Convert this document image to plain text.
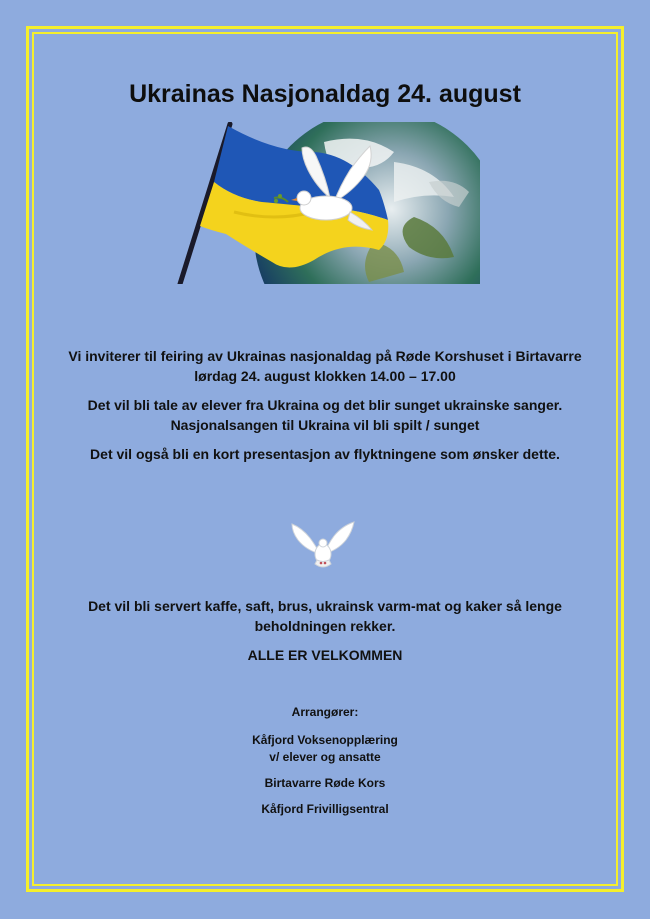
Ukrainas Nasjonaldag 24. august

Vi inviterer til feiring av Ukrainas nasjonaldag på Røde Korshuset i Birtavarre

lørdag 24. august klokken 14.00 – 17.00

Det vil bli tale av elever fra Ukraina og det blir sunget ukrainske sanger.

Nasjonalsangen til Ukraina vil bli spilt / sunget

Det vil også bli en kort presentasjon av flyktningene som ønsker dette.

Det vil bli servert kaffe, saft, brus, ukrainsk varm-mat og kaker så lenge

beholdningen rekker.

ALLE ER VELKOMMEN

Arrangører:

Kåfjord Voksenopplæring

v/ elever og ansatte

Birtavarre Røde Kors

Kåfjord Frivilligsentral
